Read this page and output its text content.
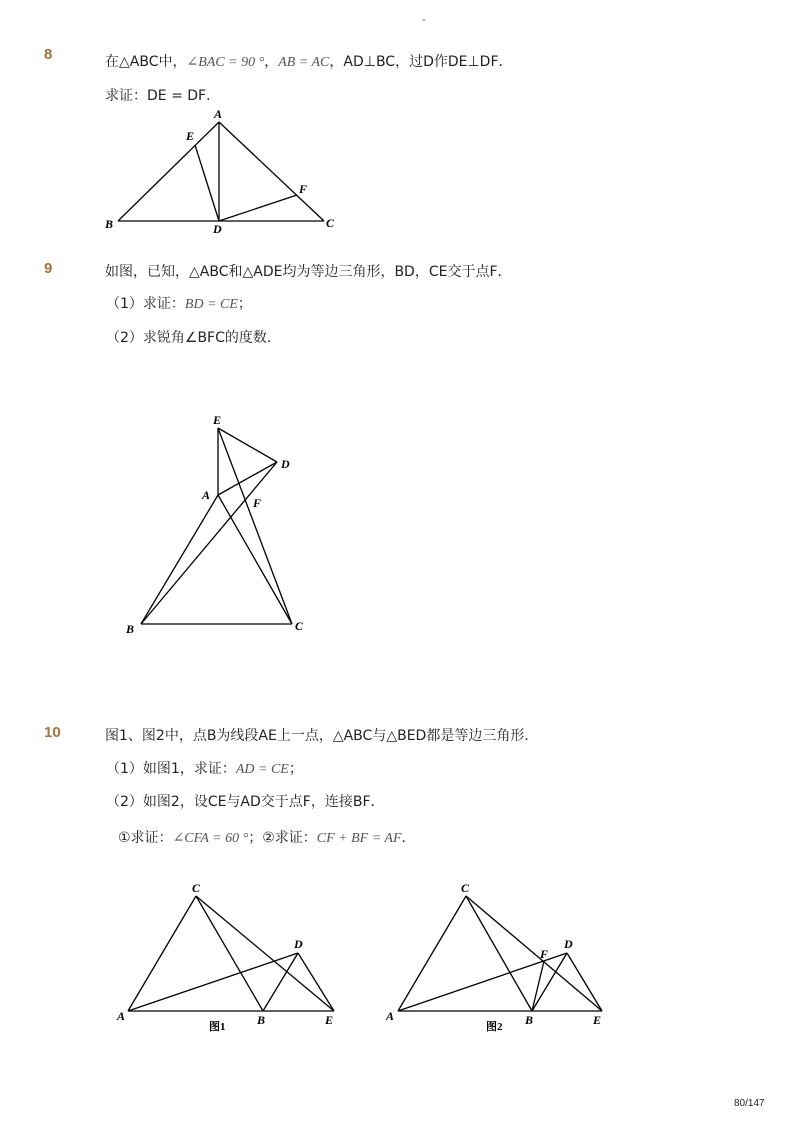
-
8	在△ABC中，∠BAC = 90 °，AB = AC，AD⊥BC，过D作DE⊥DF．
求证：DE = DF．
A
E
F
B	D	C
9	如图，已知，△ABC和△ADE均为等边三角形，BD，CE交于点F．
（1）求证：BD = CE；
（2）求锐角∠BFC的度数．
E
D
A
F
B	C
10	图1、图2中，点B为线段AE上一点，△ABC与△BED都是等边三角形．
（1）如图1，求证：AD = CE；
（2）如图2，设CE与AD交于点F，连接BF．
①求证：∠CFA = 60 °；②求证：CF + BF = AF．
C
D
A	B	E
图1
C
F
D
A	B	E
图2
80/147
